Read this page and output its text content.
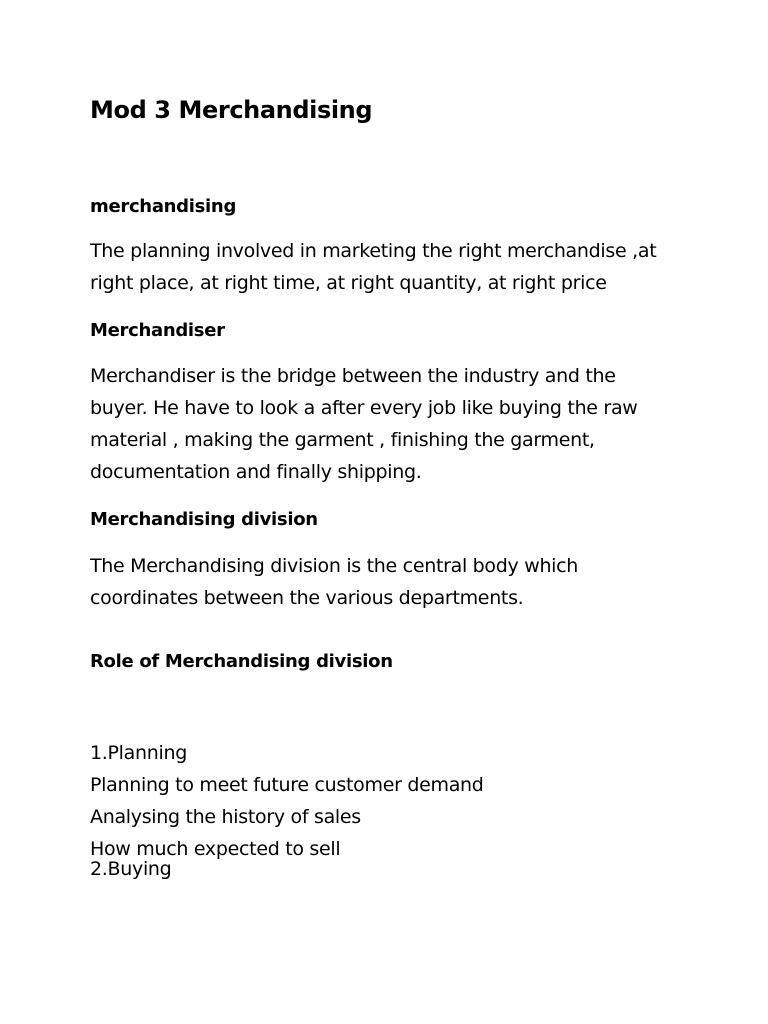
Mod 3 Merchandising
merchandising
The planning involved in marketing the right merchandise ,at
right place, at right time, at right quantity, at right price
Merchandiser
Merchandiser is the bridge between the industry and the
buyer. He have to look a after every job like buying the raw
material , making the garment , finishing the garment,
documentation and finally shipping.
Merchandising division
The Merchandising division is the central body which
coordinates between the various departments.
Role of Merchandising division
1.Planning
Planning to meet future customer demand
Analysing the history of sales
How much expected to sell
2.Buying
